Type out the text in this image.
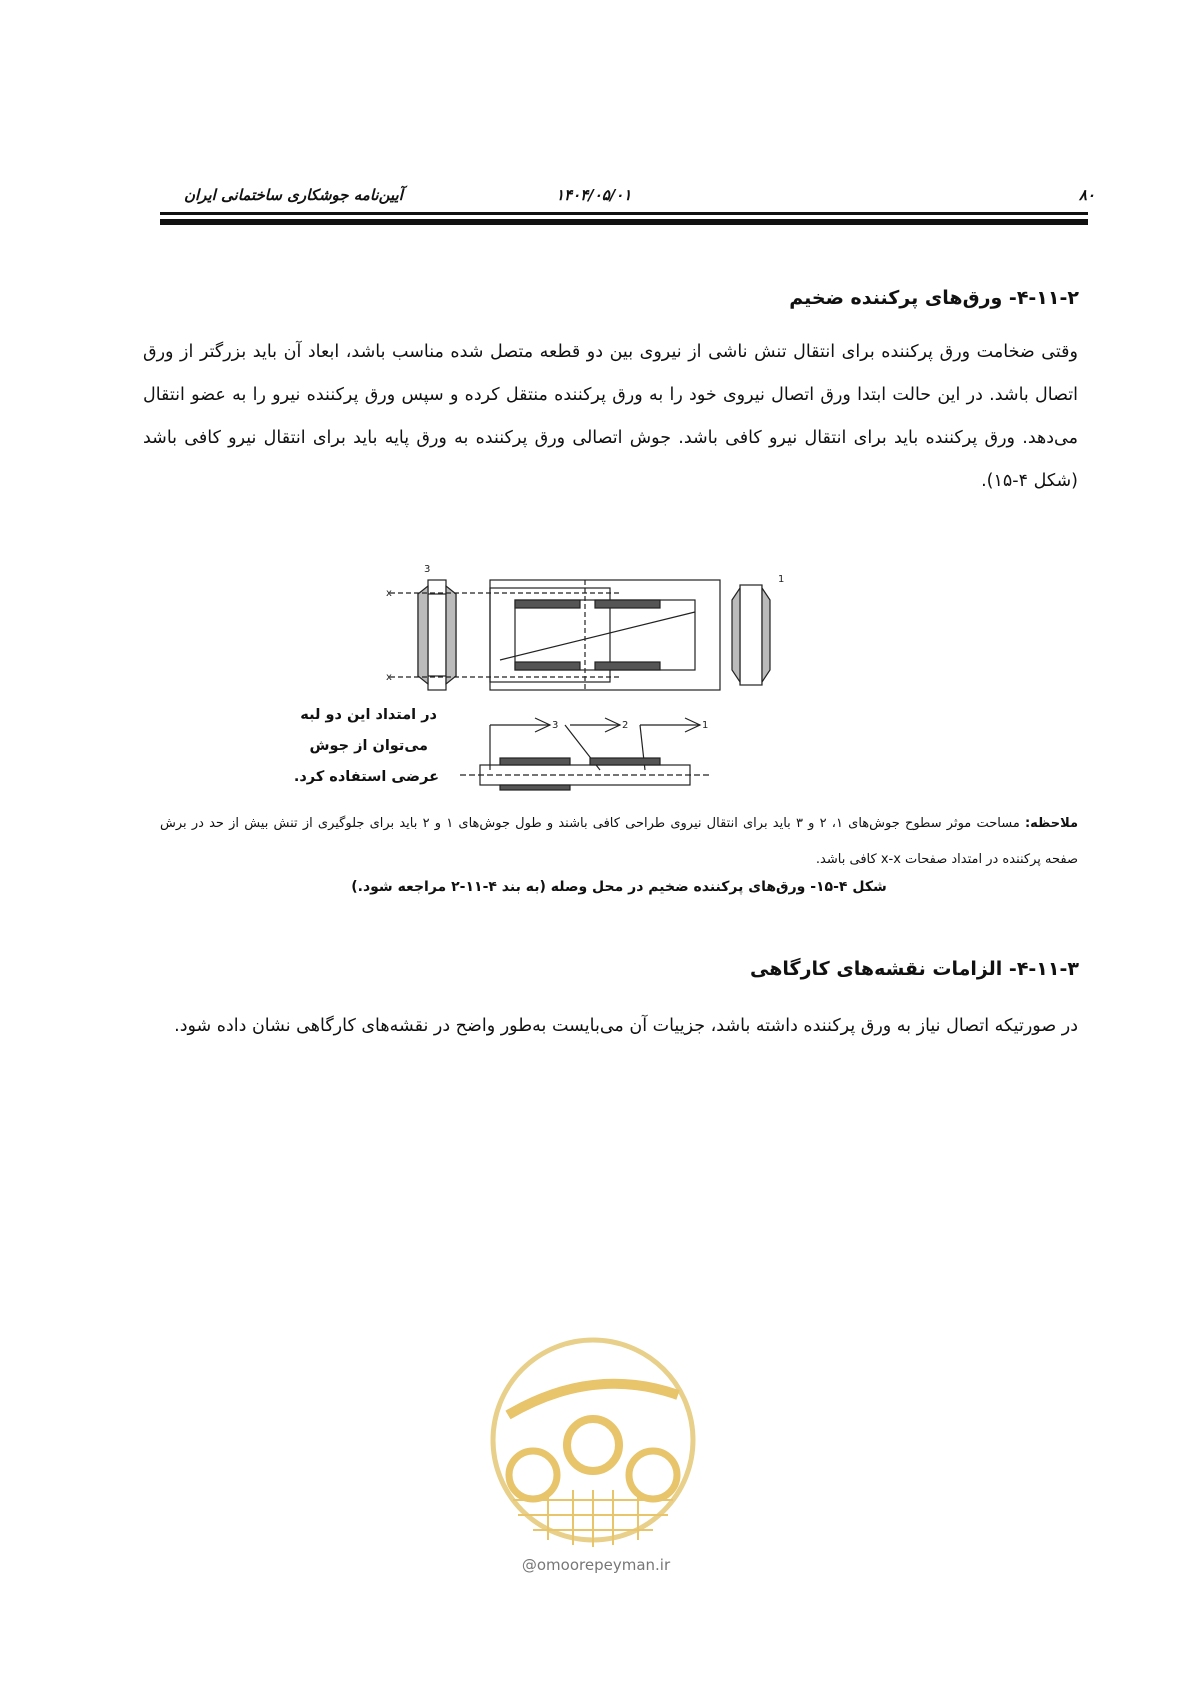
۸۰
۱۴۰۴/۰۵/۰۱
آیین‌نامه جوشکاری ساختمانی ایران
۴-۱۱-۲- ورق‌های پرکننده ضخیم
وقتی ضخامت ورق پرکننده برای انتقال تنش ناشی از نیروی بین دو قطعه متصل شده مناسب باشد، ابعاد آن باید بزرگتر از ورق اتصال باشد. در این حالت ابتدا ورق اتصال نیروی خود را به ورق پرکننده منتقل کرده و سپس ورق پرکننده نیرو را به عضو انتقال می‌دهد. ورق پرکننده باید برای انتقال نیرو کافی باشد. جوش اتصالی ورق پرکننده به ورق پایه باید برای انتقال نیرو کافی باشد (شکل ۴-۱۵).
3
1
3	2	1
x
x
در امتداد این دو لبه
می‌توان از جوش
عرضی استفاده کرد.
ملاحظه: مساحت موثر سطوح جوش‌های ۱، ۲ و ۳ باید برای انتقال نیروی طراحی کافی باشند و طول جوش‌های ۱ و ۲ باید برای جلوگیری از تنش بیش از حد در برش صفحه پرکننده در امتداد صفحات x-x کافی باشد.
شکل ۴-۱۵- ورق‌های پرکننده ضخیم در محل وصله (به بند ۴-۱۱-۲ مراجعه شود.)
۴-۱۱-۳- الزامات نقشه‌های کارگاهی
در صورتیکه اتصال نیاز به ورق پرکننده داشته باشد، جزییات آن می‌بایست به‌طور واضح در نقشه‌های کارگاهی نشان داده شود.
@omoorepeyman.ir
